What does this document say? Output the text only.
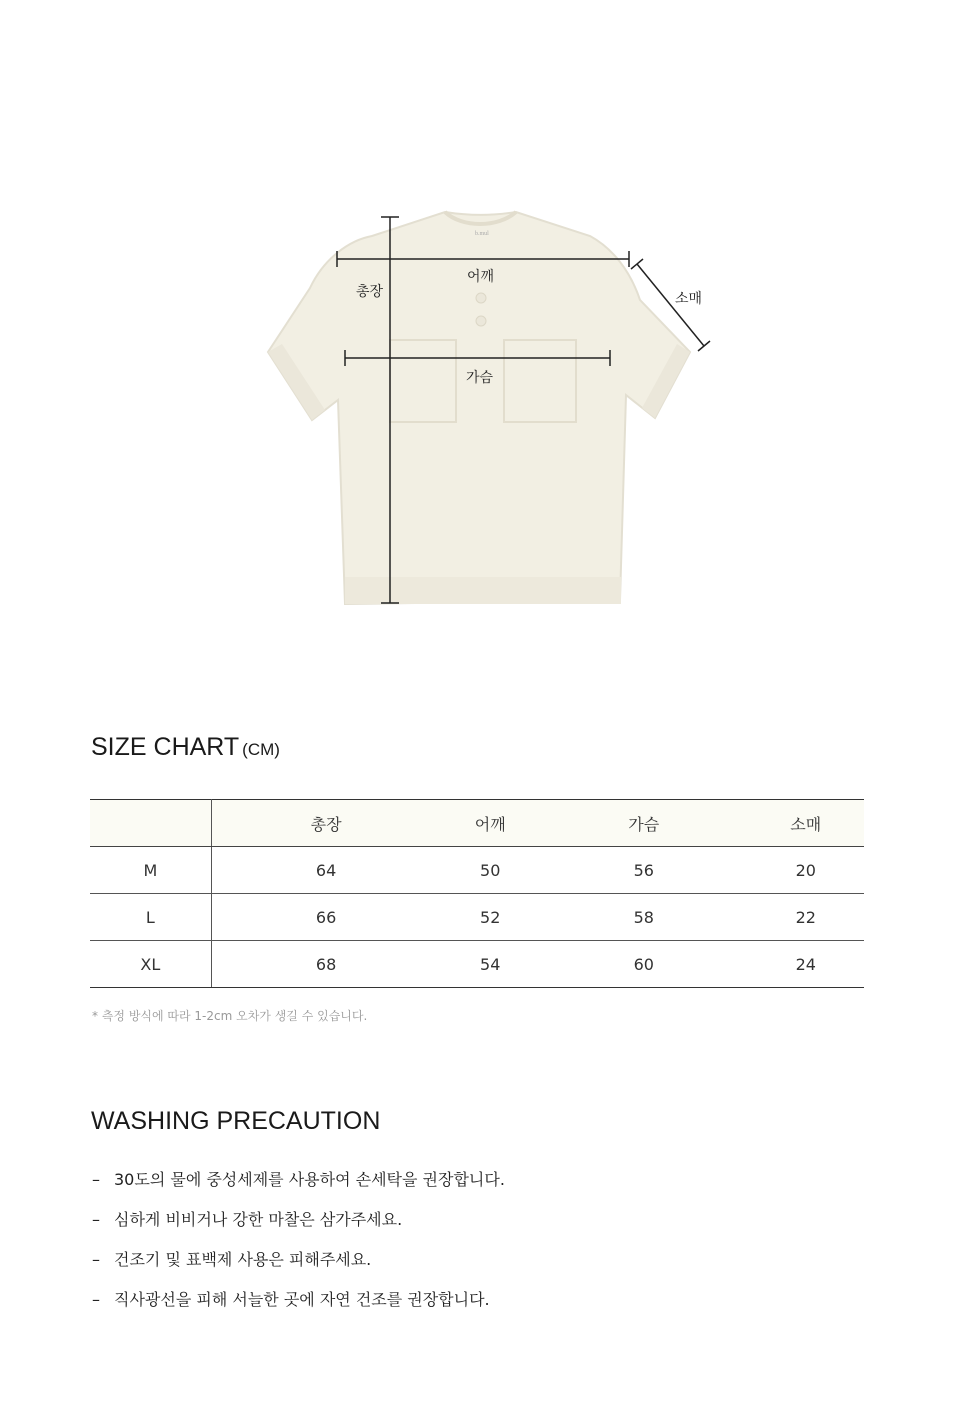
b.mul
총장
어깨
가슴
소매
SIZE CHART (CM)
	총장	어깨	가슴	소매
M	64	50	56	20
L	66	52	58	22
XL	68	54	60	24
* 측정 방식에 따라 1-2cm 오차가 생길 수 있습니다.
WASHING PRECAUTION
– 30도의 물에 중성세제를 사용하여 손세탁을 권장합니다.
– 심하게 비비거나 강한 마찰은 삼가주세요.
– 건조기 및 표백제 사용은 피해주세요.
– 직사광선을 피해 서늘한 곳에 자연 건조를 권장합니다.
